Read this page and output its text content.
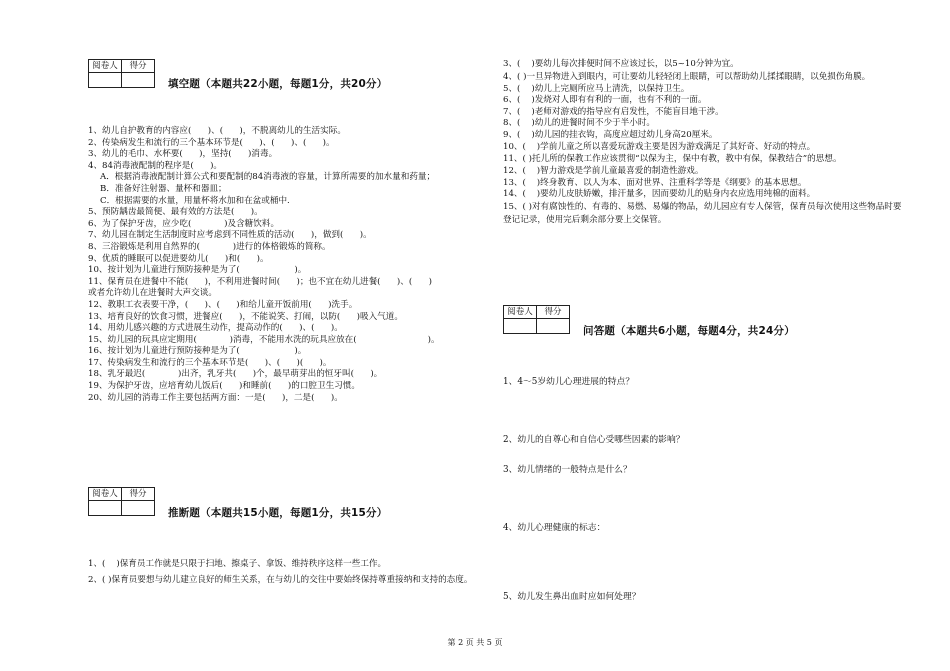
阅卷人	得分

填空题（本题共22小题，每题1分，共20分）
1、幼儿自护教育的内容应(      )、(      )，不脱离幼儿的生活实际。
2、传染病发生和流行的三个基本环节是(      )、(      )、(      )。
3、幼儿的毛巾、水杯要(      )，坚持(      )消毒。
4、84消毒液配制的程序是(      )。
A．根据消毒液配制计算公式和要配制的84消毒液的容量，计算所需要的加水量和药量；
B．准备好注射器、量杯和器皿；
C．根据需要的水量，用量杯将水加和在盆或桶中.
5、预防龋齿最简便、最有效的方法是(      )。
6、为了保护牙齿，应少吃(            )及含糖饮料。
7、幼儿园在制定生活制度时应考虑到不同性质的活动(      )，做到(      )。
8、三浴锻炼是利用自然界的(            )进行的体格锻炼的简称。
9、优质的睡眠可以促进要幼儿(      )和(      )。
10、按计划为儿童进行预防接种是为了(                    )。
11、保育员在进餐中不能(      )，不利用进餐时间(      )；也不宜在幼儿进餐(      )、(      )
或者允许幼儿在进餐时大声交谈。
12、教职工衣表要干净，(      )、(      )和给儿童开饭前用(      )洗手。
13、培育良好的饮食习惯，进餐应(      )，不能说笑、打闹，以防(      )吸入气道。
14、用幼儿感兴趣的方式进展生动作，提高动作的(      )、(      )。
15、幼儿园的玩具应定期用(            )消毒，不能用水洗的玩具应放在(                          )。
16、按计划为儿童进行预防接种是为了(                    )。
17、传染病发生和流行的三个基本环节是(      )、(      )(      )。
18、乳牙最迟(            )出齐，乳牙共(      )个，最早萌芽出的恒牙叫(      )。
19、为保护牙齿，应培育幼儿饭后(      )和睡前(      )的口腔卫生习惯。
20、幼儿园的消毒工作主要包括两方面：一是(      )，二是(      )。
阅卷人	得分

推断题（本题共15小题，每题1分，共15分）
1、(    )保育员工作就是只限于扫地、擦桌子、拿饭、维持秩序这样一些工作。
2、( )保育员要想与幼儿建立良好的师生关系，在与幼儿的交往中要始终保持尊重接纳和支持的态度。
3、(    )要幼儿每次排便时间不应该过长，以5~10分钟为宜。
4、( )一旦异物进入到眼内，可让要幼儿轻轻闭上眼睛，可以帮助幼儿揉揉眼睛，以免损伤角膜。
5、(    )幼儿上完厕所应马上清洗，以保持卫生。
6、(    )发烧对人即有有利的一面，也有不利的一面。
7、(    )老师对游戏的指导应有启发性，不能盲目地干涉。
8、(    )幼儿的进餐时间不少于半小时。
9、(    )幼儿园的挂衣钩，高度应超过幼儿身高20厘米。
10、(    )学前儿童之所以喜爱玩游戏主要是因为游戏满足了其好奇、好动的特点。
11、( )托儿所的保教工作应该贯彻“以保为主，保中有教，教中有保，保教结合”的思想。
12、(    )智力游戏是学前儿童最喜爱的制造性游戏。
13、(    )终身教育、以人为本、面对世界、注重科学等是《纲要》的基本思想。
14、(    )要幼儿皮肤娇嫩，排汗量多，因而要幼儿的贴身内衣应选用纯棉的面料。
15、( )对有腐蚀性的、有毒的、易燃、易爆的物品，幼儿园应有专人保管，保育员每次使用这些物品时要登记记录，使用完后剩余部分要上交保管。
阅卷人	得分

问答题（本题共6小题，每题4分，共24分）
1、4～5岁幼儿心理进展的特点？
2、幼儿的自尊心和自信心受哪些因素的影响？
3、幼儿情绪的一般特点是什么？
4、幼儿心理健康的标志：
5、幼儿发生鼻出血时应如何处理？
第 2 页 共 5 页
